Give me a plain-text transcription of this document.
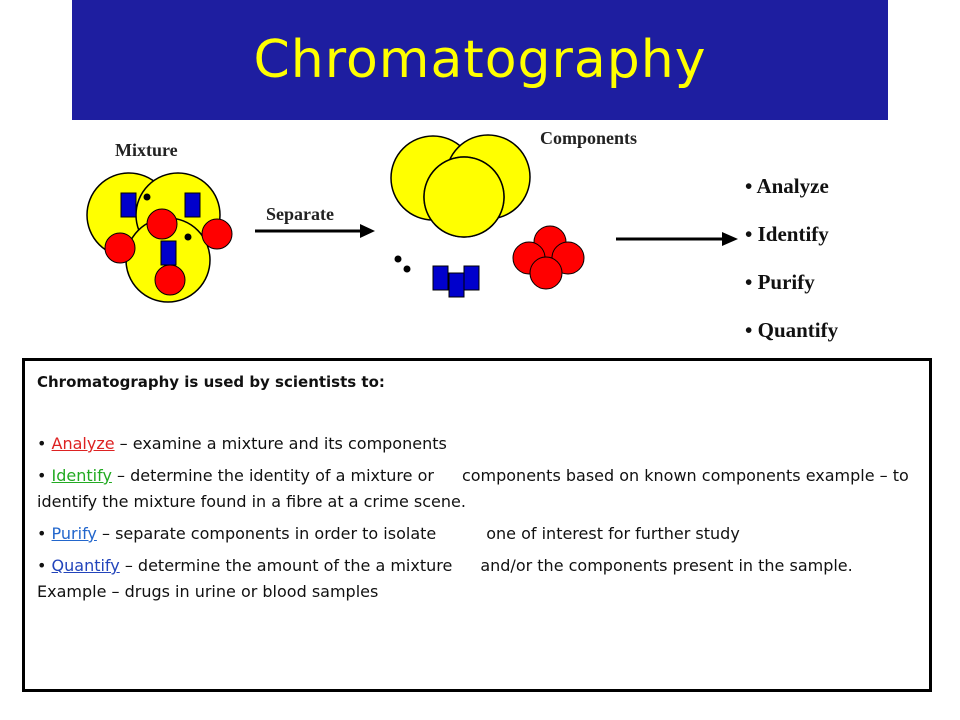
Chromatography
Mixture
Separate
Components
• Analyze
• Identify
• Purify
• Quantify
Chromatography is used by scientists to:
• Analyze – examine a mixture and its components
• Identify – determine the identity of a mixture or components based on known components example – to identify the mixture found in a fibre at a crime scene.
• Purify – separate components in order to isolate	one of interest for further study
• Quantify – determine the amount of the a mixture and/or the components present in the sample. Example – drugs in urine or blood samples
